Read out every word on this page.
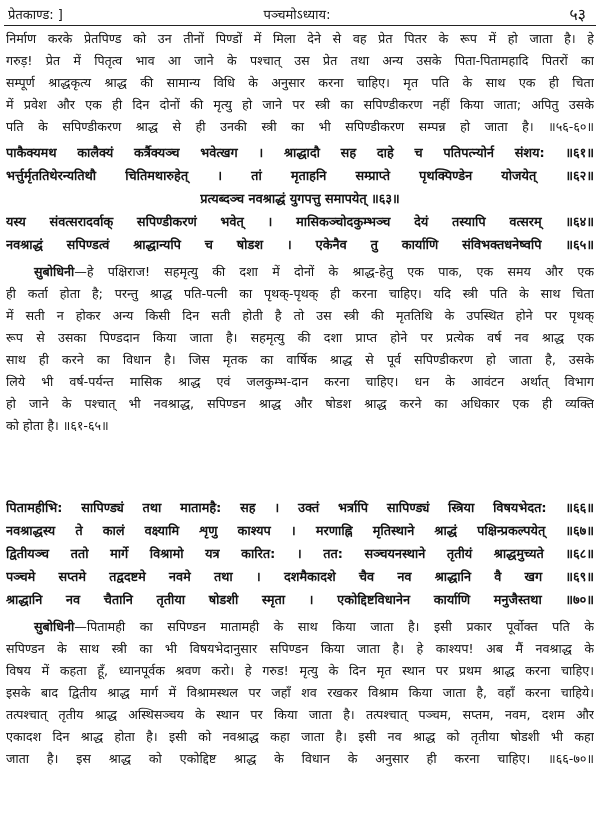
प्रेतकाण्ड: ]	पञ्चमोऽध्याय:	५३
निर्माण करके प्रेतपिण्ड को उन तीनों पिण्डों में मिला देने से वह प्रेत पितर के रूप में हो जाता है। हे
गरुड़! प्रेत में पितृत्व भाव आ जाने के पश्चात् उस प्रेत तथा अन्य उसके पिता-पितामहादि पितरों का
सम्पूर्ण श्राद्धकृत्य श्राद्ध की सामान्य विधि के अनुसार करना चाहिए। मृत पति के साथ एक ही चिता
में प्रवेश और एक ही दिन दोनों की मृत्यु हो जाने पर स्त्री का सपिण्डीकरण नहीं किया जाता; अपितु उसके
पति के सपिण्डीकरण श्राद्ध से ही उनकी स्त्री का भी सपिण्डीकरण सम्पन्न हो जाता है। ॥५६-६०॥
पाकैक्यमथ कालैक्यं कर्त्रैक्यञ्च भवेत्खग । श्राद्धादौ सह दाहे च पतिपत्न्योर्न संशय: ॥६१॥
भर्त्तुर्मृततिथेरन्यतिथौ चितिमथारुहेत् । तां मृताहनि सम्प्राप्ते पृथक्पिण्डेन योजयेत् ॥६२॥
प्रत्यब्दञ्च नवश्राद्धं युगपत्तु समापयेत् ॥६३॥
यस्य संवत्सरादर्वाक् सपिण्डीकरणं भवेत् । मासिकञ्चोदकुम्भञ्च देयं तस्यापि वत्सरम् ॥६४॥
नवश्राद्धं सपिण्डत्वं श्राद्धान्यपि च षोडश । एकेनैव तु कार्याणि संविभक्तधनेष्वपि ॥६५॥
सुबोधिनी—हे पक्षिराज! सहमृत्यु की दशा में दोनों के श्राद्ध-हेतु एक पाक, एक समय और एक
ही कर्ता होता है; परन्तु श्राद्ध पति-पत्नी का पृथक्-पृथक् ही करना चाहिए। यदि स्त्री पति के साथ चिता
में सती न होकर अन्य किसी दिन सती होती है तो उस स्त्री की मृततिथि के उपस्थित होने पर पृथक्
रूप से उसका पिण्डदान किया जाता है। सहमृत्यु की दशा प्राप्त होने पर प्रत्येक वर्ष नव श्राद्ध एक
साथ ही करने का विधान है। जिस मृतक का वार्षिक श्राद्ध से पूर्व सपिण्डीकरण हो जाता है, उसके
लिये भी वर्ष-पर्यन्त मासिक श्राद्ध एवं जलकुम्भ-दान करना चाहिए। धन के आवंटन अर्थात् विभाग
हो जाने के पश्चात् भी नवश्राद्ध, सपिण्डन श्राद्ध और षोडश श्राद्ध करने का अधिकार एक ही व्यक्ति
को होता है। ॥६१-६५॥
पितामहीभि: सापिण्ड्यं तथा मातामहै: सह । उक्तं भर्त्रापि सापिण्ड्यं स्त्रिया विषयभेदत: ॥६६॥
नवश्राद्धस्य ते कालं वक्ष्यामि शृणु काश्यप । मरणाह्नि मृतिस्थाने श्राद्धं पक्षिन्प्रकल्पयेत् ॥६७॥
द्वितीयञ्च ततो मार्गे विश्रामो यत्र कारित: । तत: सञ्चयनस्थाने तृतीयं श्राद्धमुच्यते ॥६८॥
पञ्चमे सप्तमे तद्वदष्टमे नवमे तथा । दशमैकादशे चैव नव श्राद्धानि वै खग ॥६९॥
श्राद्धानि नव चैतानि तृतीया षोडशी स्मृता । एकोद्दिष्टविधानेन कार्याणि मनुजैस्तथा ॥७०॥
सुबोधिनी—पितामही का सपिण्डन मातामही के साथ किया जाता है। इसी प्रकार पूर्वोक्त पति के
सपिण्डन के साथ स्त्री का भी विषयभेदानुसार सपिण्डन किया जाता है। हे काश्यप! अब मैं नवश्राद्ध के
विषय में कहता हूँ, ध्यानपूर्वक श्रवण करो। हे गरुड! मृत्यु के दिन मृत स्थान पर प्रथम श्राद्ध करना चाहिए।
इसके बाद द्वितीय श्राद्ध मार्ग में विश्रामस्थल पर जहाँ शव रखकर विश्राम किया जाता है, वहाँ करना चाहिये।
तत्पश्चात् तृतीय श्राद्ध अस्थिसञ्चय के स्थान पर किया जाता है। तत्पश्चात् पञ्चम, सप्तम, नवम, दशम और
एकादश दिन श्राद्ध होता है। इसी को नवश्राद्ध कहा जाता है। इसी नव श्राद्ध को तृतीया षोडशी भी कहा
जाता है। इस श्राद्ध को एकोद्दिष्ट श्राद्ध के विधान के अनुसार ही करना चाहिए। ॥६६-७०॥
